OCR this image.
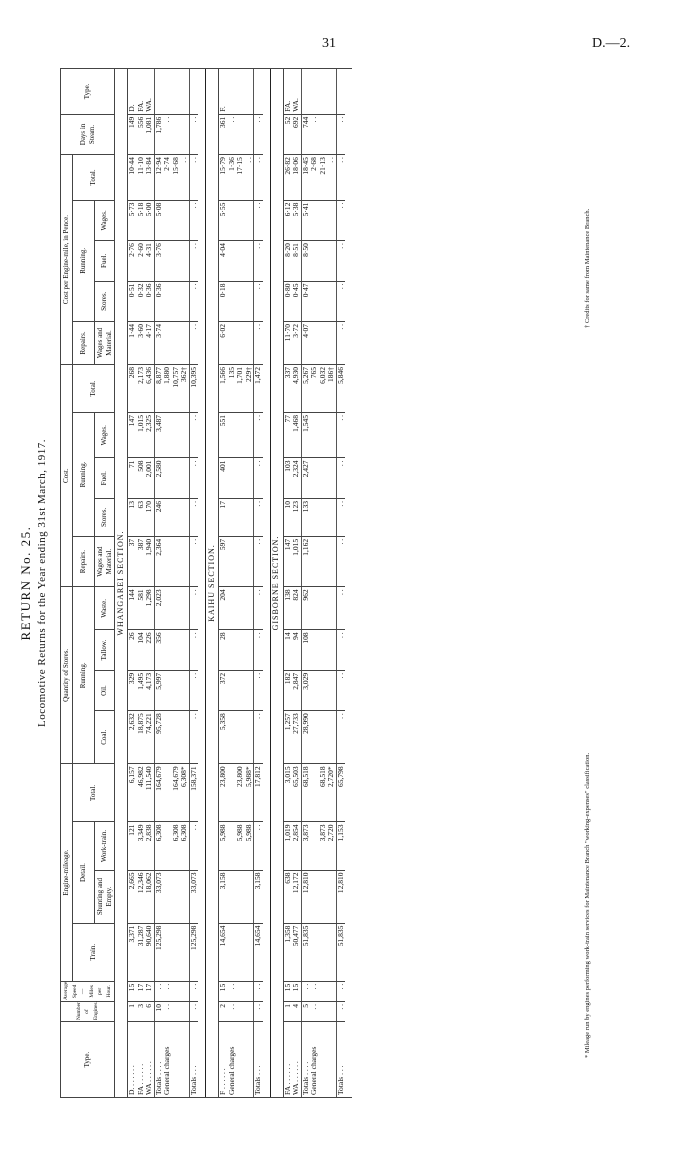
31	D.—2.
RETURN No. 25. Locomotive Returns for the Year ending 31st March, 1917.
Type.	Number of Engines.	Average Speed—Miles per Hour.	Engine-mileage.				Quantity of Stores.				Cost.					Cost per Engine-mile, in Pence.					Days in Steam.	Type.
			Train.	Detail.		Total.	Running.				Repairs.	Running.			Total.	Repairs.	Running.			Total.		
				Shunting and Empty.	Work-train.		Coal.	Oil.	Tallow.	Waste.	Wages and Material.	Stores.	Fuel.	Wages.		Wages and Material.	Stores.	Fuel.	Wages.			
WHANGAREI SECTION.																						
D. . . . . . .	1	15	3,371	2,665	121	6,157	2,632	329	26	144	37	13	71	147	268	1·44	0·51	2·76	5·73	10·44	149	D.
FA . . . . . .	3	17	31,287	12,346	3,349	46,982	18,875	1,495	104	581	387	63	508	1,015	2,173	3·60	0·32	2·60	5·18	11·10	556	FA.
WA . . . . . .	6	17	90,640	18,062	2,838	111,540	74,221	4,173	226	1,298	1,940	170	2,001	2,325	6,436	4·17	0·36	4·31	5·00	13·84	1,081	WA.
Totals . . . .	10	. .	125,298	33,073	6,308	164,679	95,728	5,997	356	2,023	2,364	246	2,580	3,487	8,877	3·74	0·36	3·76	5·08	12·94	1,786	
General charges	. .	. .													1,880					2·74	. .	
					6,308	164,679									10,757					15·68		
					6,308	6,308*									362†					. .		
Totals . . .	. .	. .	125,298	33,073	. .	158,371	. .	. .	. .	. .	. .	. .	. .	. .	10,395	. .	. .	. .	. .	. .	. .	

KAIHU SECTION.																						
F . . . . . .	2	15	14,654	3,158	5,988	23,800	5,358	372	28	204	597	17	401	551	1,566	6·02	0·18	4·04	5·55	15·79	361	F.
General charges	. .	. .													135					1·36	. .	
					5,988	23,800									1,701					17·15		
					5,988	5,988*									229†					. .		
Totals . . .	. .	. .	14,654	3,158	. .	17,812	. .	. .	. .	. .	. .	. .	. .	. .	1,472	. .	. .	. .	. .	. .	. .	

GISBORNE SECTION.																						
FA . . . . . .	1	15	1,358	638	1,019	3,015	1,257	182	14	138	147	10	103	77	337	11·70	0·80	8·20	6·12	26·82	52	FA.
WA . . . . . .	4	15	50,477	12,172	2,854	65,503	27,733	2,847	94	824	1,015	123	2,324	1,468	4,930	3·72	0·45	8·51	5·38	18·06	692	WA.
Totals . . . .	5	. .	51,835	12,810	3,873	68,518	28,990	3,029	108	962	1,162	133	2,427	1,545	5,267	4·07	0·47	8·50	5·41	18·45	744	
General charges	. .	. .													765					2·68	. .	
					3,873	68,518									6,032					21·13		
					2,720	2,720*									186†					. .		
Totals . . .	. .	. .	51,835	12,810	1,153	65,798	. .	. .	. .	. .	. .	. .	. .	. .	5,846	. .	. .	. .	. .	. .	. .	

* Mileage run by engines performing work-train services for Maintenance Branch "working-expenses" classification.
† Credits for same from Maintenance Branch.
